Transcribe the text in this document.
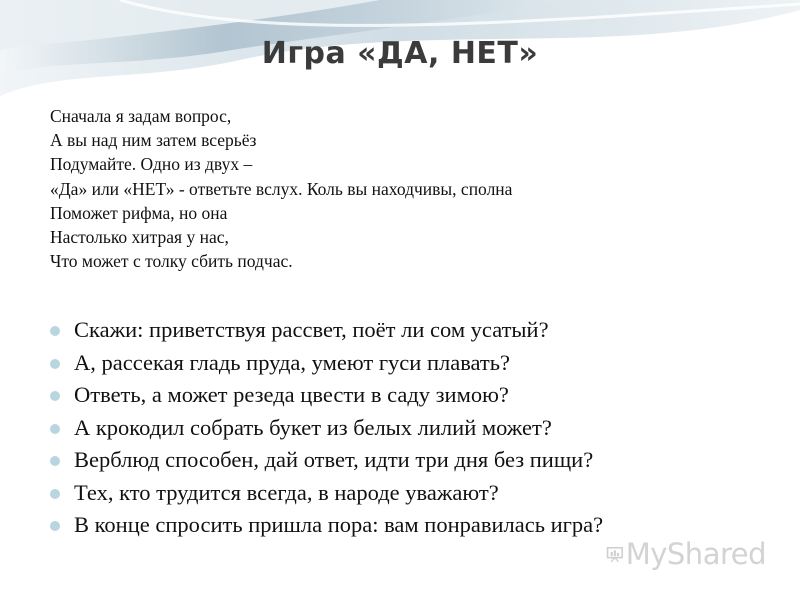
Игра «ДА, НЕТ»
Сначала я задам вопрос,
А вы над ним затем всерьёз
Подумайте. Одно из двух –
«Да» или «НЕТ» - ответьте вслух. Коль вы находчивы, сполна
Поможет рифма, но она
Настолько хитрая у нас,
Что может с толку сбить подчас.
Скажи: приветствуя рассвет, поёт ли сом усатый?
А, рассекая гладь пруда, умеют гуси плавать?
Ответь, а может резеда цвести в саду зимою?
А крокодил собрать букет из белых лилий может?
Верблюд способен, дай ответ, идти три дня без пищи?
Тех, кто трудится всегда, в народе уважают?
В конце спросить пришла пора: вам понравилась игра?
MyShared
